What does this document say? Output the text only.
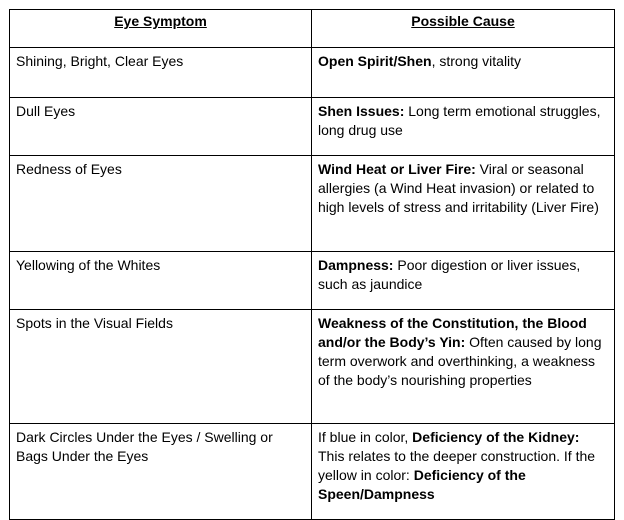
Eye Symptom	Possible Cause
Shining, Bright, Clear Eyes	Open Spirit/Shen, strong vitality
Dull Eyes	Shen Issues: Long term emotional struggles, long drug use
Redness of Eyes	Wind Heat or Liver Fire: Viral or seasonal allergies (a Wind Heat invasion) or related to high levels of stress and irritability (Liver Fire)
Yellowing of the Whites	Dampness: Poor digestion or liver issues, such as jaundice
Spots in the Visual Fields	Weakness of the Constitution, the Blood and/or the Body’s Yin: Often caused by long term overwork and overthinking, a weakness of the body’s nourishing properties
Dark Circles Under the Eyes / Swelling or Bags Under the Eyes	If blue in color, Deficiency of the Kidney: This relates to the deeper construction. If the yellow in color: Deficiency of the Speen/Dampness
